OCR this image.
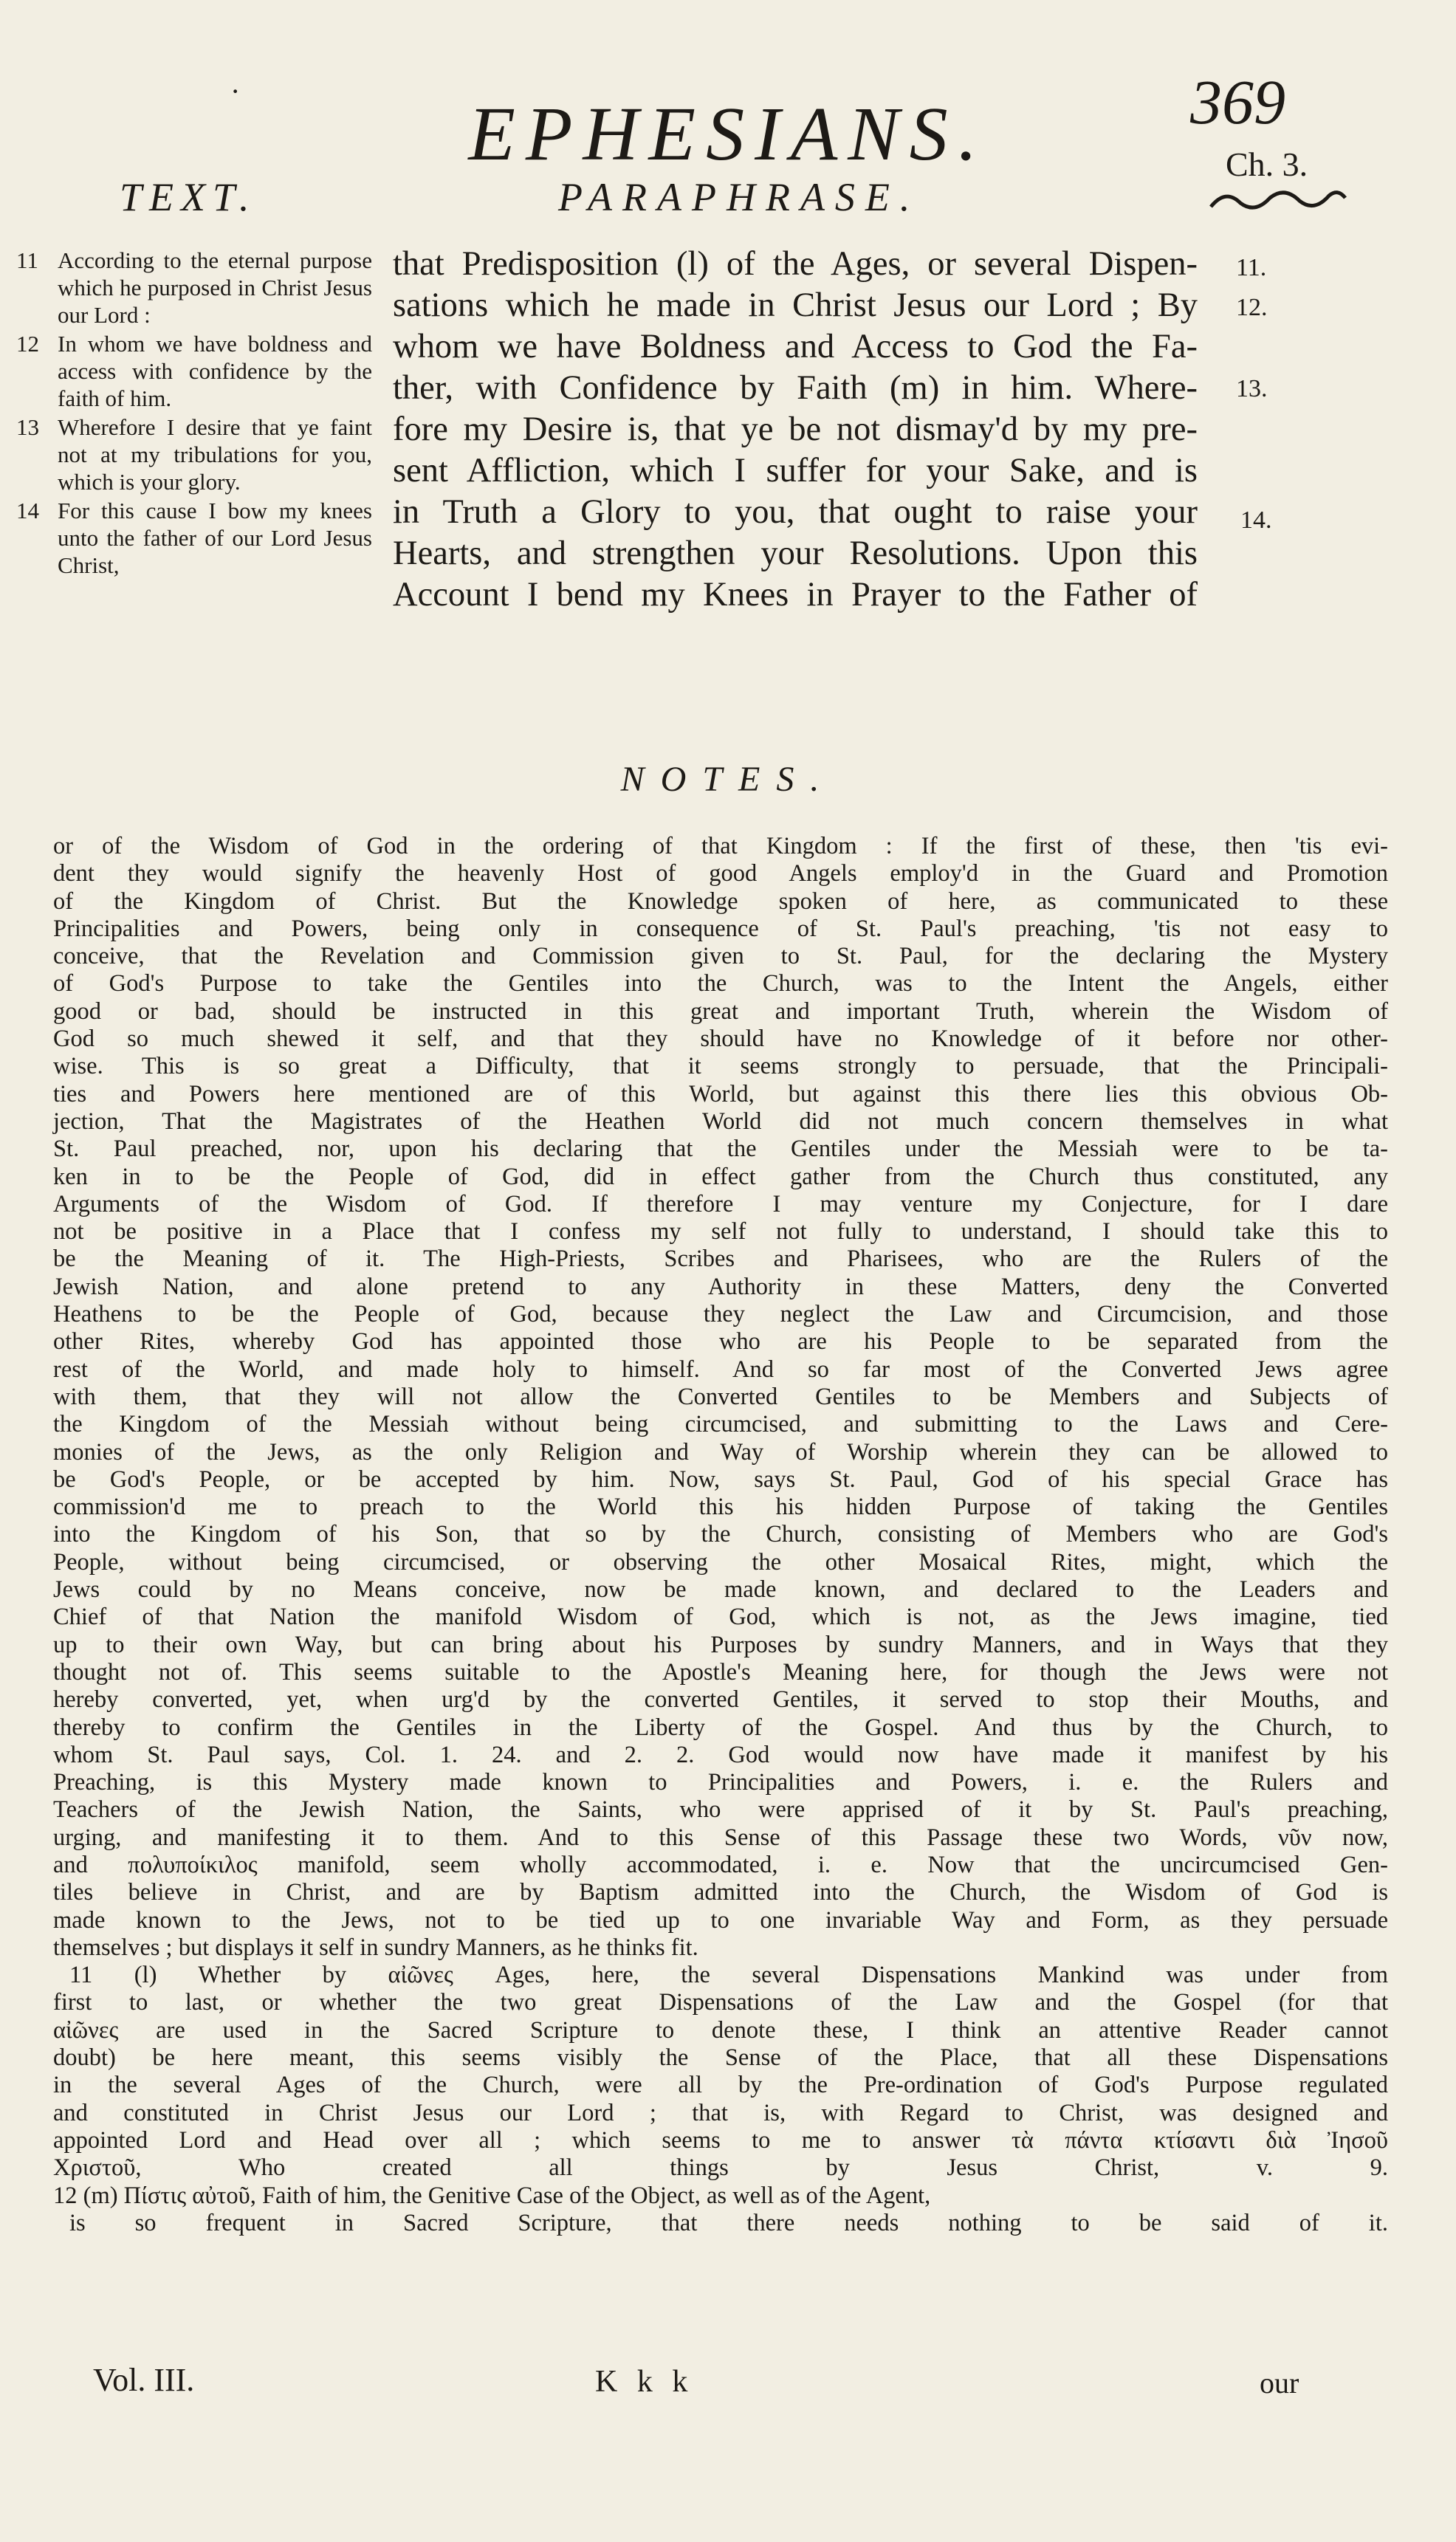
·
EPHESIANS.	369
Ch. 3.
TEXT.	PARAPHRASE.
11 According to the eternal purpose which he purposed in Christ Jesus our Lord :

12 In whom we have boldness and access with confidence by the faith of him.

13 Wherefore I desire that ye faint not at my tribulations for you, which is your glory.

14 For this cause I bow my knees unto the father of our Lord Jesus Christ,

that Predisposition (l) of the Ages, or several Dispen-
sations which he made in Christ Jesus our Lord ; By
whom we have Boldness and Access to God the Fa-
ther, with Confidence by Faith (m) in him. Where-
fore my Desire is, that ye be not dismay'd by my pre-
sent Affliction, which I suffer for your Sake, and is
in Truth a Glory to you, that ought to raise your
Hearts, and strengthen your Resolutions. Upon this
Account I bend my Knees in Prayer to the Father of
11.
12.
13.
14.
NOTES.
or of the Wisdom of God in the ordering of that Kingdom : If the first of these, then 'tis evi-
dent they would signify the heavenly Host of good Angels employ'd in the Guard and Promotion
of the Kingdom of Christ. But the Knowledge spoken of here, as communicated to these
Principalities and Powers, being only in consequence of St. Paul's preaching, 'tis not easy to
conceive, that the Revelation and Commission given to St. Paul, for the declaring the Mystery
of God's Purpose to take the Gentiles into the Church, was to the Intent the Angels, either
good or bad, should be instructed in this great and important Truth, wherein the Wisdom of
God so much shewed it self, and that they should have no Knowledge of it before nor other-
wise. This is so great a Difficulty, that it seems strongly to persuade, that the Principali-
ties and Powers here mentioned are of this World, but against this there lies this obvious Ob-
jection, That the Magistrates of the Heathen World did not much concern themselves in what
St. Paul preached, nor, upon his declaring that the Gentiles under the Messiah were to be ta-
ken in to be the People of God, did in effect gather from the Church thus constituted, any
Arguments of the Wisdom of God. If therefore I may venture my Conjecture, for I dare
not be positive in a Place that I confess my self not fully to understand, I should take this to
be the Meaning of it. The High-Priests, Scribes and Pharisees, who are the Rulers of the
Jewish Nation, and alone pretend to any Authority in these Matters, deny the Converted
Heathens to be the People of God, because they neglect the Law and Circumcision, and those
other Rites, whereby God has appointed those who are his People to be separated from the
rest of the World, and made holy to himself. And so far most of the Converted Jews agree
with them, that they will not allow the Converted Gentiles to be Members and Subjects of
the Kingdom of the Messiah without being circumcised, and submitting to the Laws and Cere-
monies of the Jews, as the only Religion and Way of Worship wherein they can be allowed to
be God's People, or be accepted by him. Now, says St. Paul, God of his special Grace has
commission'd me to preach to the World this his hidden Purpose of taking the Gentiles
into the Kingdom of his Son, that so by the Church, consisting of Members who are God's
People, without being circumcised, or observing the other Mosaical Rites, might, which the
Jews could by no Means conceive, now be made known, and declared to the Leaders and
Chief of that Nation the manifold Wisdom of God, which is not, as the Jews imagine, tied
up to their own Way, but can bring about his Purposes by sundry Manners, and in Ways that they
thought not of. This seems suitable to the Apostle's Meaning here, for though the Jews were not
hereby converted, yet, when urg'd by the converted Gentiles, it served to stop their Mouths, and
thereby to confirm the Gentiles in the Liberty of the Gospel. And thus by the Church, to
whom St. Paul says, Col. 1. 24. and 2. 2. God would now have made it manifest by his
Preaching, is this Mystery made known to Principalities and Powers, i. e. the Rulers and
Teachers of the Jewish Nation, the Saints, who were apprised of it by St. Paul's preaching,
urging, and manifesting it to them. And to this Sense of this Passage these two Words, νῦν now,
and πολυποίκιλος manifold, seem wholly accommodated, i. e. Now that the uncircumcised Gen-
tiles believe in Christ, and are by Baptism admitted into the Church, the Wisdom of God is
made known to the Jews, not to be tied up to one invariable Way and Form, as they persuade
themselves ; but displays it self in sundry Manners, as he thinks fit.
11 (l) Whether by αἰῶνες Ages, here, the several Dispensations Mankind was under from
first to last, or whether the two great Dispensations of the Law and the Gospel (for that
αἰῶνες are used in the Sacred Scripture to denote these, I think an attentive Reader cannot
doubt) be here meant, this seems visibly the Sense of the Place, that all these Dispensations
in the several Ages of the Church, were all by the Pre-ordination of God's Purpose regulated
and constituted in Christ Jesus our Lord ; that is, with Regard to Christ, was designed and
appointed Lord and Head over all ; which seems to me to answer τὰ πάντα κτίσαντι διὰ Ἰησοῦ
Χριστοῦ, Who created all things by Jesus Christ, v. 9.
12 (m) Πίστις αὐτοῦ, Faith of him, the Genitive Case of the Object, as well as of the Agent,
is so frequent in Sacred Scripture, that there needs nothing to be said of it.
Vol. III.	K k k	our
